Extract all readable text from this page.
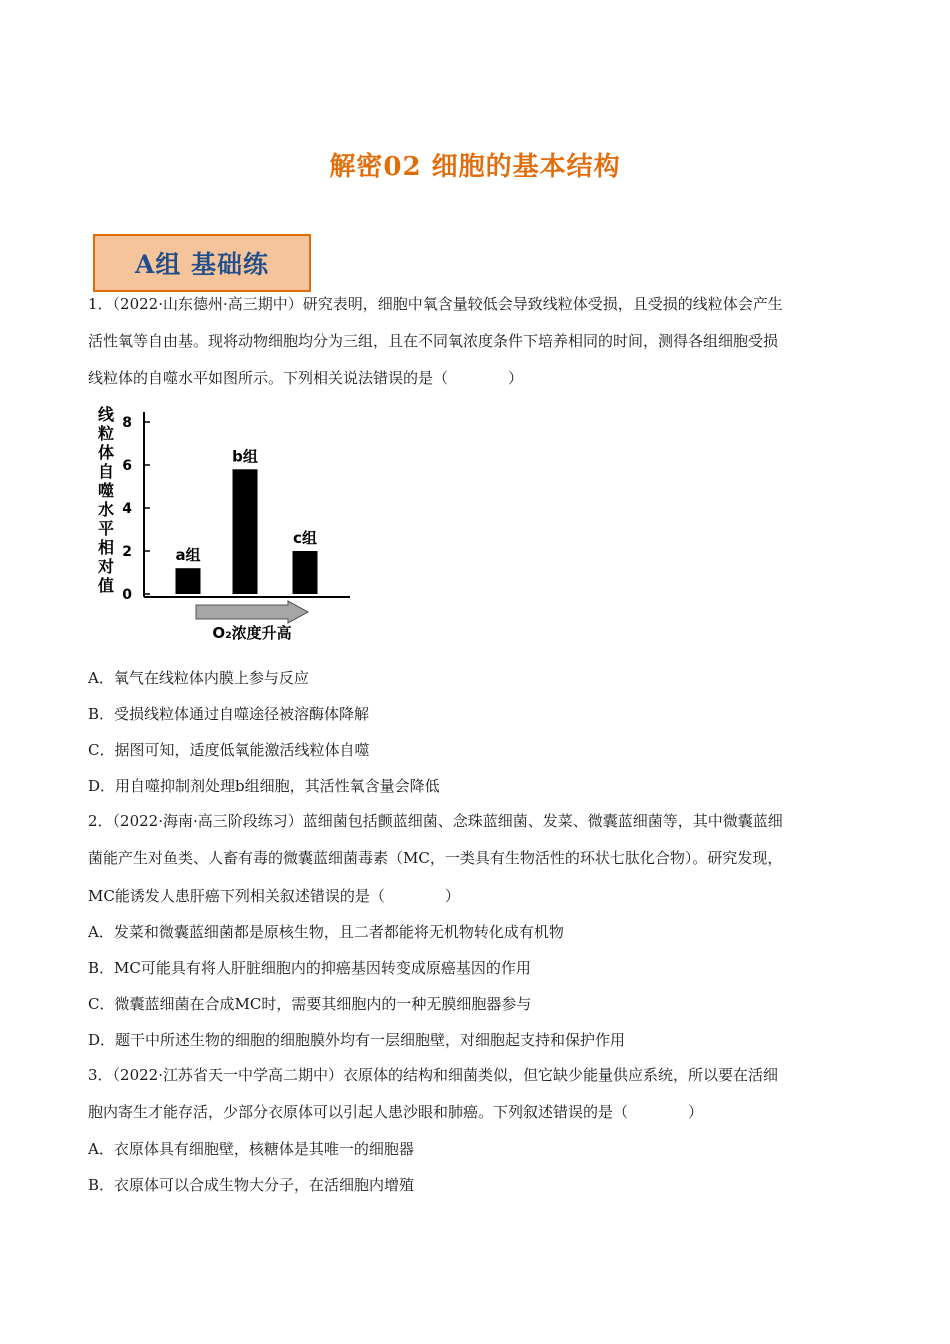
解密02 细胞的基本结构
A组 基础练
1．（2022·山东德州·高三期中）研究表明，细胞中氧含量较低会导致线粒体受损，且受损的线粒体会产生
活性氧等自由基。现将动物细胞均分为三组，且在不同氧浓度条件下培养相同的时间，测得各组细胞受损
线粒体的自噬水平如图所示。下列相关说法错误的是（　　　　）
线粒体自噬水平相对值 0
2
4
6
8
a组
b组
c组
O₂浓度升高
A．氧气在线粒体内膜上参与反应
B．受损线粒体通过自噬途径被溶酶体降解
C．据图可知，适度低氧能激活线粒体自噬
D．用自噬抑制剂处理b组细胞，其活性氧含量会降低
2．（2022·海南·高三阶段练习）蓝细菌包括颤蓝细菌、念珠蓝细菌、发菜、微囊蓝细菌等，其中微囊蓝细
菌能产生对鱼类、人畜有毒的微囊蓝细菌毒素（MC，一类具有生物活性的环状七肽化合物）。研究发现，
MC能诱发人患肝癌下列相关叙述错误的是（　　　　）
A．发菜和微囊蓝细菌都是原核生物，且二者都能将无机物转化成有机物
B．MC可能具有将人肝脏细胞内的抑癌基因转变成原癌基因的作用
C．微囊蓝细菌在合成MC时，需要其细胞内的一种无膜细胞器参与
D．题干中所述生物的细胞的细胞膜外均有一层细胞壁，对细胞起支持和保护作用
3．（2022·江苏省天一中学高二期中）衣原体的结构和细菌类似，但它缺少能量供应系统，所以要在活细
胞内寄生才能存活，少部分衣原体可以引起人患沙眼和肺癌。下列叙述错误的是（　　　　）
A．衣原体具有细胞壁，核糖体是其唯一的细胞器
B．衣原体可以合成生物大分子，在活细胞内增殖
